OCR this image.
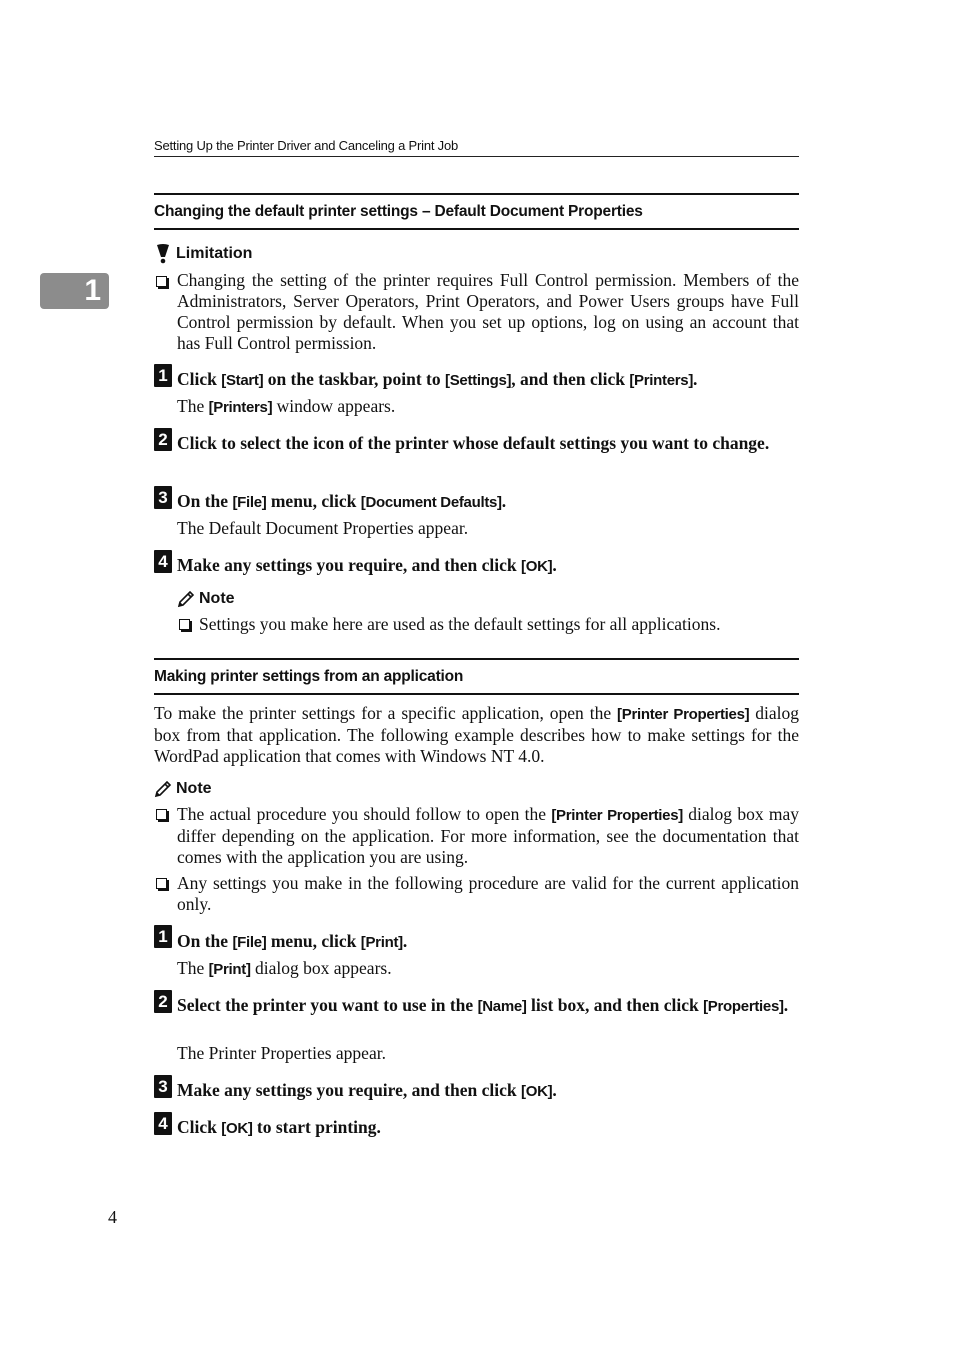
Setting Up the Printer Driver and Canceling a Print Job
1
Changing the default printer settings – Default Document Properties
Limitation
Changing the setting of the printer requires Full Control permission. Members of the Administrators, Server Operators, Print Operators, and Power Users groups have Full Control permission by default. When you set up options, log on using an account that has Full Control permission.
1 Click [Start] on the taskbar, point to [Settings], and then click [Printers].
The [Printers] window appears.
2 Click to select the icon of the printer whose default settings you want to change.
3 On the [File] menu, click [Document Defaults].
The Default Document Properties appear.
4 Make any settings you require, and then click [OK].
Note
Settings you make here are used as the default settings for all applications.
Making printer settings from an application
To make the printer settings for a specific application, open the [Printer Properties] dialog box from that application. The following example describes how to make settings for the WordPad application that comes with Windows NT 4.0.
Note
The actual procedure you should follow to open the [Printer Properties] dialog box may differ depending on the application. For more information, see the documentation that comes with the application you are using.
Any settings you make in the following procedure are valid for the current application only.
1 On the [File] menu, click [Print].
The [Print] dialog box appears.
2 Select the printer you want to use in the [Name] list box, and then click [Properties].
The Printer Properties appear.
3 Make any settings you require, and then click [OK].
4 Click [OK] to start printing.
4
